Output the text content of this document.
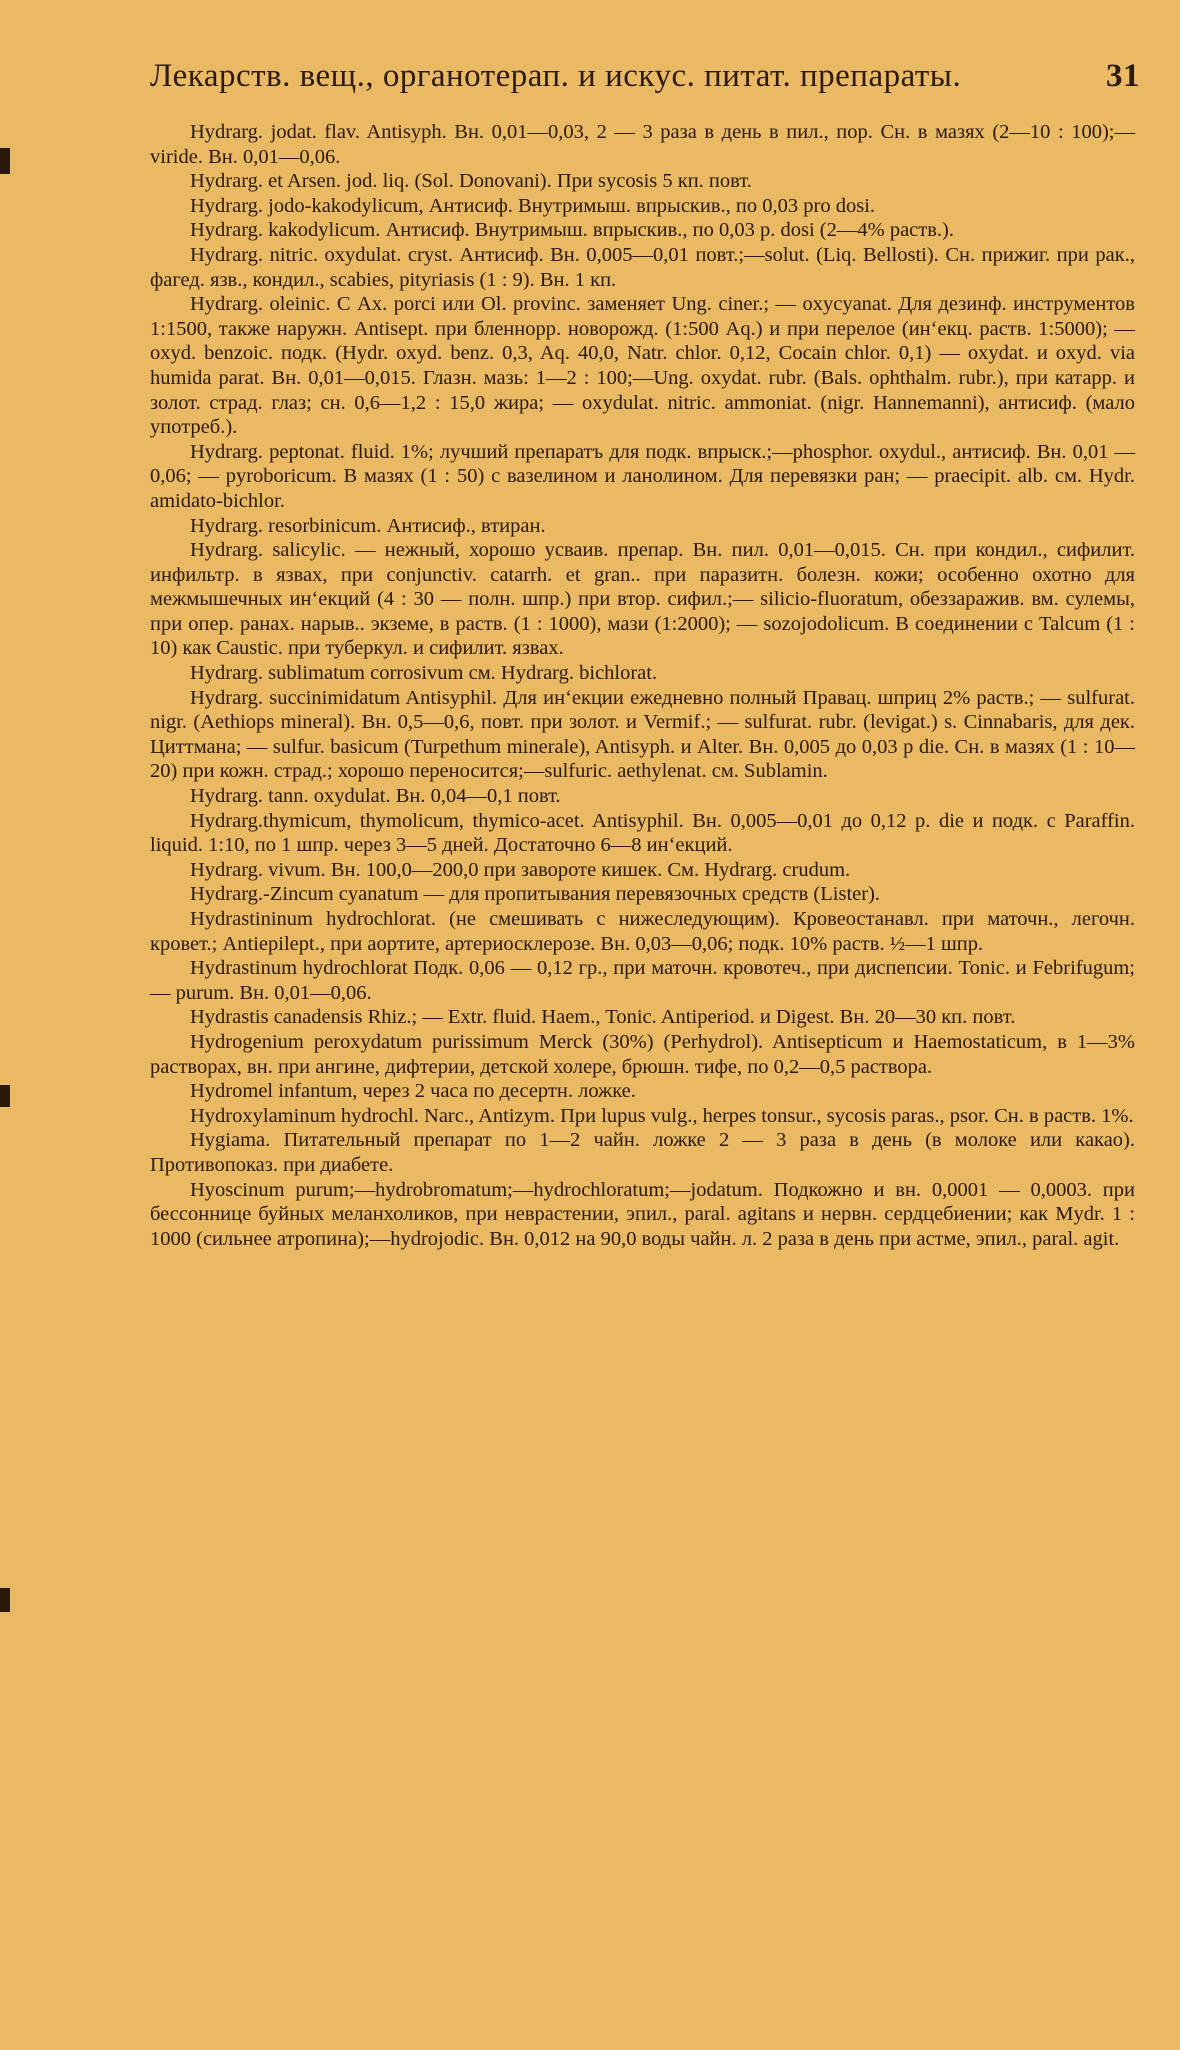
Лекарств. вещ., органотерап. и искус. питат. препараты.	31

Hydrarg. jodat. flav. Antisyph. Вн. 0,01—0,03, 2 — 3 раза в день в пил., пор. Сн. в мазях (2—10 : 100);—viride. Вн. 0,01—0,06.

Hydrarg. et Arsen. jod. liq. (Sol. Donovani). При sycosis 5 кп. повт.

Hydrarg. jodo-kakodylicum, Антисиф. Внутримыш. впрыскив., по 0,03 pro dosi.

Hydrarg. kakodylicum. Антисиф. Внутримыш. впрыскив., по 0,03 p. dosi (2—4% раств.).

Hydrarg. nitric. oxydulat. cryst. Антисиф. Вн. 0,005—0,01 повт.;—solut. (Liq. Bellosti). Сн. прижиг. при рак., фагед. язв., кондил., scabies, pityriasis (1 : 9). Вн. 1 кп.

Hydrarg. oleinic. С Ax. porci или Ol. provinc. заменяет Ung. ciner.; — oxycyanat. Для дезинф. инструментов 1:1500, также наружн. Antisept. при бленнорр. новорожд. (1:500 Aq.) и при перелое (ин‘екц. раств. 1:5000); — oxyd. benzoic. подк. (Hydr. oxyd. benz. 0,3, Aq. 40,0, Natr. chlor. 0,12, Cocain chlor. 0,1) — oxydat. и oxyd. via humida parat. Вн. 0,01—0,015. Глазн. мазь: 1—2 : 100;—Ung. oxydat. rubr. (Bals. ophthalm. rubr.), при катарр. и золот. страд. глаз; сн. 0,6—1,2 : 15,0 жира; — oxydulat. nitric. ammoniat. (nigr. Hannemanni), антисиф. (мало употреб.).

Hydrarg. peptonat. fluid. 1%; лучший препаратъ для подк. впрыск.;—phosphor. oxydul., антисиф. Вн. 0,01 — 0,06; — pyroboricum. В мазях (1 : 50) с вазелином и ланолином. Для перевязки ран; — praecipit. alb. см. Hydr. amidato-bichlor.

Hydrarg. resorbinicum. Антисиф., втиран.

Hydrarg. salicylic. — нежный, хорошо усваив. препар. Вн. пил. 0,01—0,015. Сн. при кондил., сифилит. инфильтр. в язвах, при conjunctiv. catarrh. et gran.. при паразитн. болезн. кожи; особенно охотно для межмышечных ин‘екций (4 : 30 — полн. шпр.) при втор. сифил.;— silicio-fluoratum, обеззаражив. вм. сулемы, при опер. ранах. нарыв.. экземе, в раств. (1 : 1000), мази (1:2000); — sozojodolicum. В соединении с Talcum (1 : 10) как Caustic. при туберкул. и сифилит. язвах.

Hydrarg. sublimatum corrosivum см. Hydrarg. bichlorat.

Hydrarg. succinimidatum Antisyphil. Для ин‘екции ежедневно полный Правац. шприц 2% раств.; — sulfurat. nigr. (Aethiops mineral). Вн. 0,5—0,6, повт. при золот. и Vermif.; — sulfurat. rubr. (levigat.) s. Cinnabaris, для дек. Циттмана; — sulfur. basicum (Turpethum minerale), Antisyph. и Alter. Вн. 0,005 до 0,03 p die. Сн. в мазях (1 : 10—20) при кожн. страд.; хорошо переносится;—sulfuric. aethylenat. см. Sublamin.

Hydrarg. tann. oxydulat. Вн. 0,04—0,1 повт.

Hydrarg.thymicum, thymolicum, thymico-acet. Antisyphil. Вн. 0,005—0,01 до 0,12 p. die и подк. с Paraffin. liquid. 1:10, по 1 шпр. через 3—5 дней. Достаточно 6—8 ин‘екций.

Hydrarg. vivum. Вн. 100,0—200,0 при завороте кишек. См. Hydrarg. crudum.

Hydrarg.-Zincum cyanatum — для пропитывания перевязочных средств (Lister).

Hydrastininum hydrochlorat. (не смешивать с нижеследующим). Кровеостанавл. при маточн., легочн. кровет.; Antiepilept., при аортите, артериосклерозе. Вн. 0,03—0,06; подк. 10% раств. ½—1 шпр.

Hydrastinum hydrochlorat Подк. 0,06 — 0,12 гр., при маточн. кровотеч., при диспепсии. Tonic. и Febrifugum; — purum. Вн. 0,01—0,06.

Hydrastis canadensis Rhiz.; — Extr. fluid. Haem., Tonic. Antiperiod. и Digest. Вн. 20—30 кп. повт.

Hydrogenium peroxydatum purissimum Merck (30%) (Perhydrol). Antisepticum и Haemostaticum, в 1—3% растворах, вн. при ангине, дифтерии, детской холере, брюшн. тифе, по 0,2—0,5 раствора.

Hydromel infantum, через 2 часа по десертн. ложке.

Hydroxylaminum hydrochl. Narc., Antizym. При lupus vulg., herpes tonsur., sycosis paras., psor. Сн. в раств. 1%.

Hygiama. Питательный препарат по 1—2 чайн. ложке 2 — 3 раза в день (в молоке или какао). Противопоказ. при диабете.

Hyoscinum purum;—hydrobromatum;—hydrochloratum;—jodatum. Подкожно и вн. 0,0001 — 0,0003. при бессоннице буйных меланхоликов, при неврастении, эпил., paral. agitans и нервн. сердцебиении; как Mydr. 1 : 1000 (сильнее атропина);—hydrojodic. Вн. 0,012 на 90,0 воды чайн. л. 2 раза в день при астме, эпил., paral. agit.
